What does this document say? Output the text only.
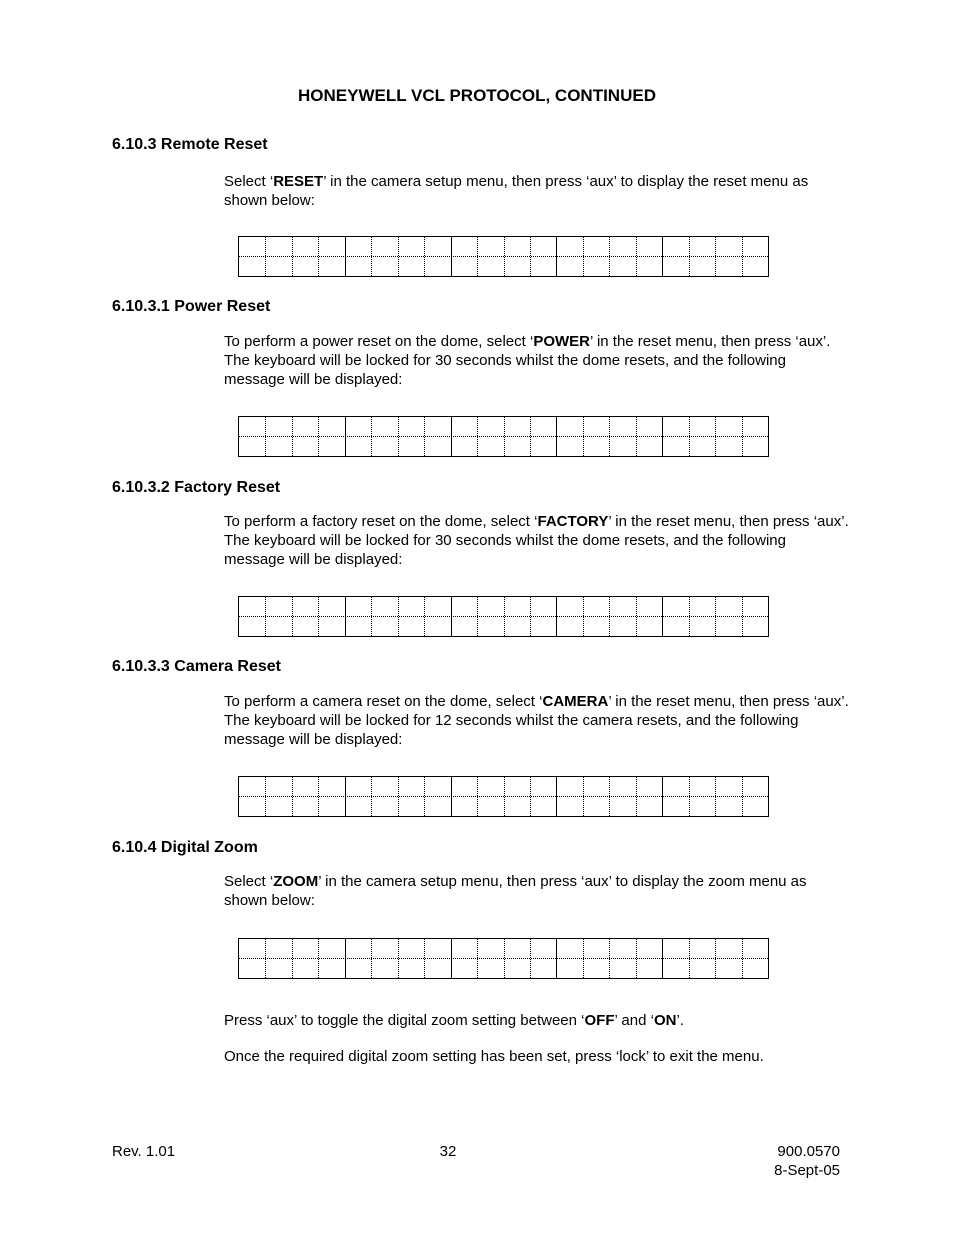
HONEYWELL VCL PROTOCOL, CONTINUED
6.10.3 Remote Reset
Select ‘RESET’ in the camera setup menu, then press ‘aux’ to display the reset menu as shown below:
6.10.3.1 Power Reset
To perform a power reset on the dome, select ‘POWER’ in the reset menu, then press ‘aux’. The keyboard will be locked for 30 seconds whilst the dome resets, and the following message will be displayed:
6.10.3.2 Factory Reset
To perform a factory reset on the dome, select ‘FACTORY’ in the reset menu, then press ‘aux’. The keyboard will be locked for 30 seconds whilst the dome resets, and the following message will be displayed:
6.10.3.3 Camera Reset
To perform a camera reset on the dome, select ‘CAMERA’ in the reset menu, then press ‘aux’. The keyboard will be locked for 12 seconds whilst the camera resets, and the following message will be displayed:
6.10.4 Digital Zoom
Select ‘ZOOM’ in the camera setup menu, then press ‘aux’ to display the zoom menu as shown below:
Press ‘aux’ to toggle the digital zoom setting between ‘OFF’ and ‘ON’.
Once the required digital zoom setting has been set, press ‘lock’ to exit the menu.
Rev. 1.01	32	900.0570
8-Sept-05
